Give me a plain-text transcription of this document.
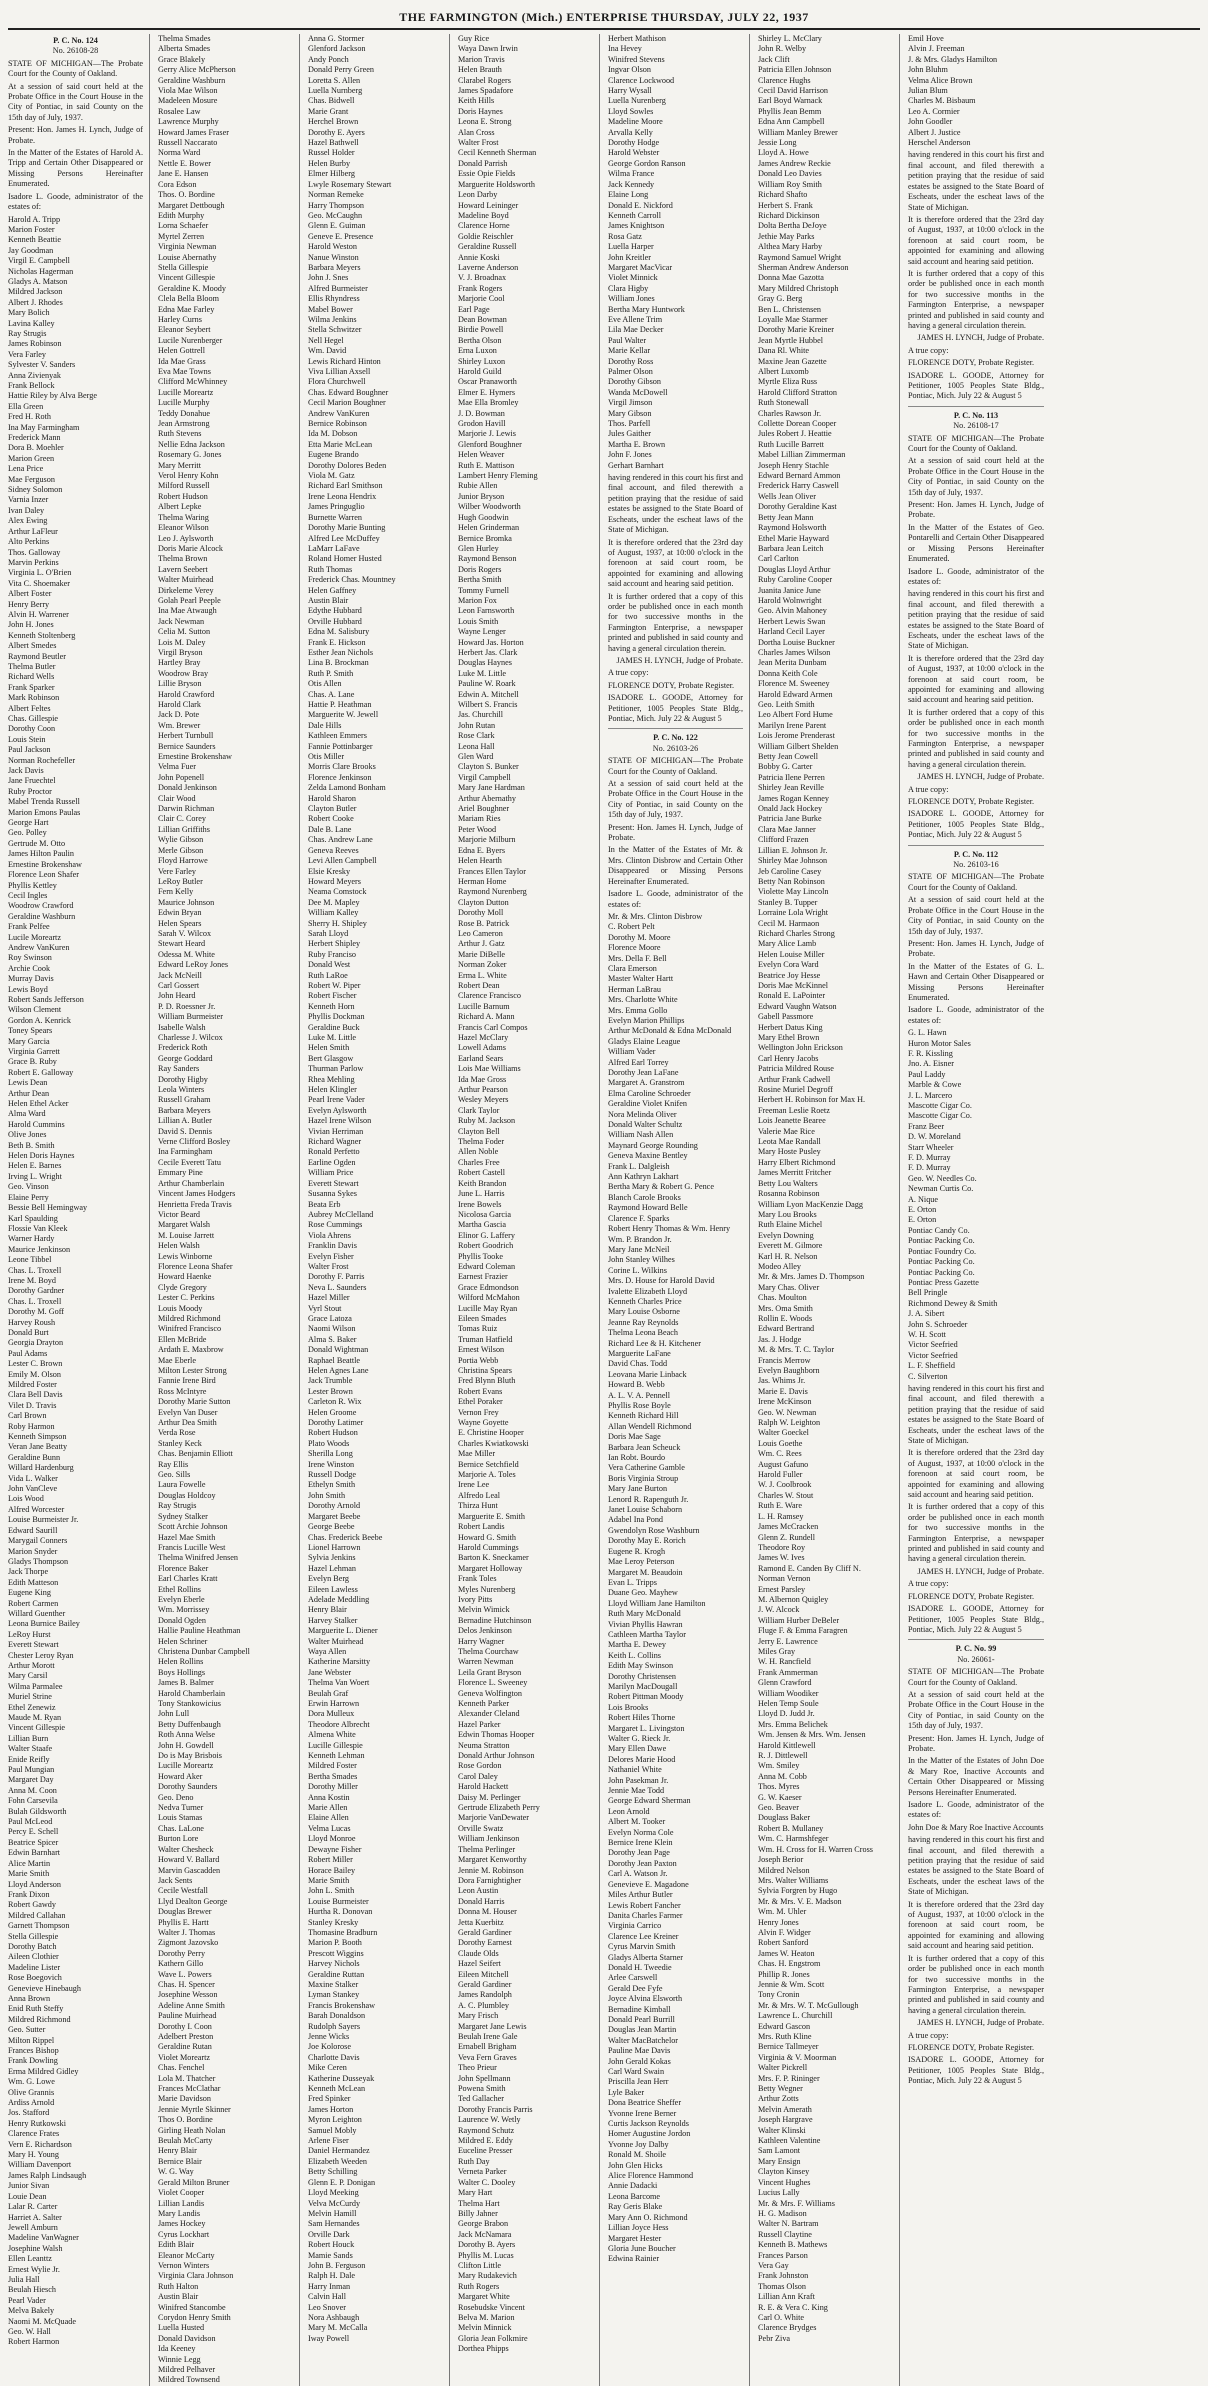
THE FARMINGTON (Mich.) ENTERPRISE THURSDAY, JULY 22, 1937
P. C. No. 124
No. 26108-28
STATE OF MICHIGAN—The Probate Court for the County of Oakland.
At a session of said court held at the Probate Office in the Court House in the City of Pontiac, in said County on the 15th day of July, 1937.
Present: Hon. James H. Lynch, Judge of Probate.
In the Matter of the Estates of Harold A. Tripp and Certain Other Disappeared or Missing Persons Hereinafter Enumerated.
Isadore L. Goode, administrator of the estates of:
Harold A. Tripp
Marion Foster
Kenneth Beattie
Jay Goodman
Virgil E. Campbell
Nicholas Hagerman
Gladys A. Matson
Mildred Jackson
Albert J. Rhodes
Mary Bolich
Lavina Kalley
Ray Strugis
James Robinson
Vera Farley
Sylvester V. Sanders
Anna Zivienyak
Frank Bellock
Hattie Riley by Alva Berge
Ella Green
Fred H. Roth
Ina May Farmingham
Frederick Mann
Dora B. Moehler
Marion Green
Lena Price
Mae Ferguson
Sidney Solomon
Varnia Inzer
Ivan Daley
Alex Ewing
Arthur LaFleur
Alto Perkins
Thos. Galloway
Marvin Perkins
Virginia L. O'Brien
Vita C. Shoemaker
Albert Foster
Henry Berry
Alvin H. Warrener
John H. Jones
Kenneth Stoltenberg
Albert Smedes
Raymond Beutler
Thelma Butler
Richard Wells
Frank Sparker
Mark Robinson
Albert Feltes
Chas. Gillespie
Dorothy Coon
Louis Stein
Paul Jackson
Norman Rochefeller
Jack Davis
Jane Fruechtel
Ruby Proctor
Mabel Trenda Russell
Marion Emons Paulas
George Hart
Geo. Polley
Gertrude M. Otto
James Hilton Paulin
Ernestine Brokenshaw
Florence Leon Shafer
Phyllis Kettley
Cecil Ingles
Woodrow Crawford
Geraldine Washburn
Frank Pelfee
Lucile Moreartz
Andrew VanKuren
Roy Swinson
Archie Cook
Murray Davis
Lewis Boyd
Robert Sands Jefferson
Wilson Clement
Gordon A. Kenrick
Toney Spears
Mary Garcia
Virginia Garrett
Grace B. Ruby
Robert E. Galloway
Lewis Dean
Arthur Dean
Helen Ethel Acker
Alma Ward
Harold Cummins
Olive Jones
Beth B. Smith
Helen Doris Haynes
Helen E. Barnes
Irving L. Wright
Geo. Vinson
Elaine Perry
Bessie Bell Hemingway
Karl Spaulding
Flossie Van Kleek
Warner Hardy
Maurice Jenkinson
Leone Tibbel
Chas. L. Troxell
Irene M. Boyd
Dorothy Gardner
Chas. L. Troxell
Dorothy M. Goff
Harvey Roush
Donald Burt
Georgia Drayton
Paul Adams
Lester C. Brown
Emily M. Olson
Mildred Foster
Clara Bell Davis
Vilet D. Travis
Carl Brown
Roby Harmon
Kenneth Simpson
Veran Jane Beatty
Geraldine Bunn
Willard Hardenburg
Vida L. Walker
John VanCleve
Lois Wood
Alfred Worcester
Louise Burmeister Jr.
Edward Saurill
Marygail Conners
Marion Snyder
Gladys Thompson
Jack Thorpe
Edith Matteson
Eugene King
Robert Carmen
Willard Guenther
Leona Burnice Bailey
LeRoy Hurst
Everett Stewart
Chester Leroy Ryan
Arthur Morott
Mary Carsil
Wilma Parmalee
Muriel Strine
Ethel Zenewiz
Maude M. Ryan
Vincent Gillespie
Lillian Burn
Walter Staafe
Enide Reifly
Paul Mungian
Margaret Day
Anna M. Coon
Fohn Carsevila
Bulah Gildsworth
Paul McLeod
Percy E. Schell
Beatrice Spicer
Edwin Barnhart
Alice Martin
Marie Smith
Lloyd Anderson
Frank Dixon
Robert Gawdy
Mildred Callahan
Garnett Thompson
Stella Gillespie
Dorothy Batch
Aileen Clothier
Madeline Lister
Rose Boegovich
Genevieve Hinebaugh
Anna Brown
Enid Ruth Steffy
Mildred Richmond
Geo. Sutter
Milton Rippel
Frances Bishop
Frank Dowling
Erma Mildred Gidley
Wm. G. Lowe
Olive Grannis
Ardiss Arnold
Jos. Stafford
Henry Rutkowski
Clarence Frates
Vern E. Richardson
Mary H. Young
William Davenport
James Ralph Lindsaugh
Junior Sivan
Louie Dean
Lalar R. Carter
Harriet A. Salter
Jewell Amburn
Madeline VanWagner
Josephine Walsh
Ellen Leanttz
Ernest Wylie Jr.
Julia Hall
Beulah Hiesch
Pearl Vader
Melva Bakely
Naomi M. McQuade
Geo. W. Hall
Robert Harmon
Thelma Smades
Alberta Smades
Grace Blakely
Gerry Alice McPherson
Geraldine Washburn
Viola Mae Wilson
Madeleen Mosure
Rosalee Law
Lawrence Murphy
Howard James Fraser
Russell Naccarato
Norma Ward
Nettle E. Bower
Jane E. Hansen
Cora Edson
Thos. O. Bordine
Margaret Dettbough
Edith Murphy
Lorna Schaefer
Myrtel Zerren
Virginia Newman
Louise Abernathy
Stella Gillespie
Vincent Gillespie
Geraldine K. Moody
Clela Bella Bloom
Edna Mae Farley
Harley Curns
Eleanor Seybert
Lucile Nurenberger
Helen Gottrell
Ida Mae Grass
Eva Mae Towns
Clifford McWhinney
Lucille Moreartz
Lucille Murphy
Teddy Donahue
Jean Armstrong
Ruth Stevens
Nellie Edna Jackson
Rosemary G. Jones
Mary Merritt
Verol Henry Kohn
Milford Russell
Robert Hudson
Albert Lepke
Thelma Waring
Eleanor Wilson
Leo J. Aylsworth
Doris Marie Alcock
Thelma Brown
Lavern Seebert
Walter Muirhead
Dirkeleme Verey
Golah Pearl Peeple
Ina Mae Atwaugh
Jack Newman
Celia M. Sutton
Lois M. Daley
Virgil Bryson
Hartley Bray
Woodrow Bray
Lillie Bryson
Harold Crawford
Harold Clark
Jack D. Pote
Wm. Brewer
Herbert Turnbull
Bernice Saunders
Ernestine Brokenshaw
Velma Fuer
John Popenell
Donald Jenkinson
Clair Wood
Darwin Richman
Clair C. Corey
Lillian Griffiths
Wylie Gibson
Merle Gibson
Floyd Harrowe
Vere Farley
LeRoy Butler
Fern Kelly
Maurice Johnson
Edwin Bryan
Helen Spears
Sarah V. Wilcox
Stewart Heard
Odessa M. White
Edward LeRoy Jones
Jack McNeill
Carl Gossert
John Heard
P. D. Roessner Jr.
William Burmeister
Isabelle Walsh
Charlesse J. Wilcox
Frederick Roth
George Goddard
Ray Sanders
Dorothy Higby
Leola Winters
Russell Graham
Barbara Meyers
Lillian A. Butler
David S. Dennis
Verne Clifford Bosley
Ina Farmingham
Cecile Everett Tatu
Emmary Pine
Arthur Chamberlain
Vincent James Hodgers
Henrietta Freda Travis
Victor Beard
Margaret Walsh
M. Louise Jarrett
Helen Walsh
Lewis Winborne
Florence Leona Shafer
Howard Haenke
Clyde Gregory
Lester C. Perkins
Louis Moody
Mildred Richmond
Winifred Francisco
Ellen McBride
Ardath E. Maxbrow
Mae Eberle
Milton Lester Strong
Fannie Irene Bird
Ross McIntyre
Dorothy Marie Sutton
Evelyn Van Duser
Arthur Dea Smith
Verda Rose
Stanley Keck
Chas. Benjamin Elliott
Ray Ellis
Geo. Sills
Laura Fowelle
Douglas Holdcoy
Ray Strugis
Sydney Stalker
Scott Archie Johnson
Hazel Mae Smith
Francis Lucille West
Thelma Winifred Jensen
Florence Baker
Earl Charles Kratt
Ethel Rollins
Evelyn Eberle
Wm. Morrissey
Donald Ogden
Hallie Pauline Heathman
Helen Schriner
Christena Dunbar Campbell
Helen Rollins
Boys Hollings
James B. Balmer
Harold Chamberlain
Tony Stankowicius
John Lull
Betty Duffenbaugh
Roth Anna Welse
John H. Gowdell
Do is May Brisbois
Lucille Moreartz
Howard Aker
Dorothy Saunders
Geo. Deno
Nedva Turner
Louis Stamas
Chas. LaLone
Burton Lore
Walter Chesheck
Howard V. Ballard
Marvin Gascadden
Jack Sents
Cecile Westfall
Llyd Dealton George
Douglas Brewer
Phyllis E. Hartt
Walter J. Thomas
Zigmont Jazovsko
Dorothy Perry
Kathern Gillo
Wave L. Powers
Chas. H. Spencer
Josephine Wesson
Adeline Anne Smith
Pauline Muirhead
Dorothy I. Coon
Adelbert Preston
Geraldine Rutan
Violet Moreartz
Chas. Fenchel
Lola M. Thatcher
Frances McClathar
Marie Davidson
Jennie Myrtle Skinner
Thos O. Bordine
Girling Heath Nolan
Beulah McCarty
Henry Blair
Bernice Blair
W. G. Way
Gerald Milton Bruner
Violet Cooper
Lillian Landis
Mary Landis
James Hockey
Cyrus Lockhart
Edith Blair
Eleanor McCarty
Vernon Winters
Virginia Clara Johnson
Ruth Halton
Austin Blair
Winifred Stancombe
Corydon Henry Smith
Luella Husted
Donald Davidson
Ida Keeney
Winnie Legg
Mildred Pelhaver
Mildred Townsend
Anna G. Stormer
Glenford Jackson
Andy Ponch
Donald Perry Green
Loretta S. Allen
Luella Nurnberg
Chas. Bidwell
Marie Grant
Herchel Brown
Dorothy E. Ayers
Hazel Bathwell
Russel Holder
Helen Burby
Elmer Hilberg
Lwyle Rosemary Stewart
Norman Remeke
Harry Thompson
Geo. McCaughn
Glenn E. Guiman
Geneve E. Presence
Harold Weston
Nanue Winston
Barbara Meyers
John J. Snes
Alfred Burmeister
Ellis Rhyndress
Mabel Bower
Wilma Jenkins
Stella Schwitzer
Nell Hegel
Wm. David
Lewis Richard Hinton
Viva Lillian Axsell
Flora Churchwell
Chas. Edward Boughner
Cecil Marion Boughner
Andrew VanKuren
Bernice Robinson
Ida M. Dobson
Etta Marie McLean
Eugene Brando
Dorothy Dolores Beden
Viola M. Gatz
Richard Earl Smithson
Irene Leona Hendrix
James Pringuglio
Burnette Warren
Dorothy Marie Bunting
Alfred Lee McDuffey
LaMarr LaFave
Roland Homer Husted
Ruth Thomas
Frederick Chas. Mountney
Helen Gaffney
Austin Blair
Edythe Hubbard
Orville Hubbard
Edna M. Salisbury
Frank E. Hickson
Esther Jean Nichols
Lina B. Brockman
Ruth P. Smith
Otis Allen
Chas. A. Lane
Hattie P. Heathman
Marguerite W. Jewell
Dale Hills
Kathleen Emmers
Fannie Pottinbarger
Otis Miller
Morris Clare Brooks
Florence Jenkinson
Zelda Lamond Bonham
Harold Sharon
Clayton Butler
Robert Cooke
Dale B. Lane
Chas. Andrew Lane
Geneva Reeves
Levi Allen Campbell
Elsie Kresky
Howard Meyers
Neama Comstock
Dee M. Mapley
William Kalley
Sherry H. Shipley
Sarah Lloyd
Herbert Shipley
Ruby Franciso
Donald West
Ruth LaRoe
Robert W. Piper
Robert Fischer
Kenneth Horn
Phyllis Dockman
Geraldine Buck
Luke M. Little
Helen Smith
Bert Glasgow
Thurman Parlow
Rhea Mehling
Helen Klingler
Pearl Irene Vader
Evelyn Aylsworth
Hazel Irene Wilson
Vivian Herriman
Richard Wagner
Ronald Perfetto
Earline Ogden
William Price
Everett Stewart
Susanna Sykes
Beata Erb
Aubrey McClelland
Rose Cummings
Viola Ahrens
Franklin Davis
Evelyn Fisher
Walter Frost
Dorothy F. Parris
Neva L. Saunders
Hazel Miller
Vyrl Stout
Grace Latoza
Naomi Wilson
Alma S. Baker
Donald Wightman
Raphael Beattle
Helen Agnes Lane
Jack Trumble
Lester Brown
Carleton R. Wix
Helen Groome
Dorothy Latimer
Robert Hudson
Plato Woods
Sherilla Long
Irene Winston
Russell Dodge
Ethelyn Smith
John Smith
Dorothy Arnold
Margaret Beebe
George Beebe
Chas. Frederick Beebe
Lionel Harrown
Sylvia Jenkins
Hazel Lehman
Evelyn Berg
Eileen Lawless
Adelade Meddling
Henry Blair
Harvey Stalker
Marguerite L. Diener
Walter Muirhead
Waya Allen
Katherine Marsitty
Jane Webster
Thelma Van Woert
Beulah Graf
Erwin Harrown
Dora Mulleux
Theodore Albrecht
Almena White
Lucille Gillespie
Kenneth Lehman
Mildred Foster
Bertha Smades
Dorothy Miller
Anna Kostin
Marie Allen
Elaine Allen
Velma Lucas
Lloyd Monroe
Dewayne Fisher
Robert Miller
Horace Bailey
Marie Smith
John L. Smith
Louise Burmeister
Hurtha R. Donovan
Stanley Kresky
Thomasine Bradburn
Marion P. Booth
Prescott Wiggins
Harvey Nichols
Geraldine Ruttan
Maxine Stalker
Lyman Stankey
Francis Brokenshaw
Barah Donaldson
Rudolph Sayers
Jenne Wicks
Joe Kolorose
Charlotte Davis
Mike Ceren
Katherine Dusseyak
Kenneth McLean
Fred Spinker
James Horton
Myron Leighton
Samuel Mobly
Arlene Fiser
Daniel Hermandez
Elizabeth Weeden
Betty Schilling
Glenn E. P. Donigan
Lloyd Meeking
Velva McCurdy
Melvin Hamill
Sam Hernandes
Orville Dark
Robert Houck
Mamie Sands
John B. Ferguson
Ralph H. Dale
Harry Inman
Calvin Hall
Leo Snover
Nora Ashbaugh
Mary M. McCalla
Iway Powell
Guy Rice
Waya Dawn Irwin
Marion Travis
Helen Brauth
Clarabel Rogers
James Spadafore
Keith Hills
Doris Haynes
Leona E. Strong
Alan Cross
Walter Frost
Cecil Kenneth Sherman
Donald Parrish
Essie Opie Fields
Marguerite Holdsworth
Leon Darby
Howard Leininger
Madeline Boyd
Clarence Horne
Goldie Reischler
Geraldine Russell
Annie Koski
Laverne Anderson
V. J. Broadnax
Frank Rogers
Marjorie Cool
Earl Page
Dean Bowman
Birdie Powell
Bertha Olson
Erna Luxon
Shirley Luxon
Harold Guild
Oscar Pranaworth
Elmer E. Hymers
Mae Ella Bromley
J. D. Bowman
Grodon Havill
Marjorie J. Lewis
Glenford Boughner
Helen Weaver
Ruth E. Mattison
Lambert Henry Fleming
Rubie Allen
Junior Bryson
Wilber Woodworth
Hugh Goodwin
Helen Grinderman
Bernice Bromka
Glen Hurley
Raymond Benson
Doris Rogers
Bertha Smith
Tommy Furnell
Marion Fox
Leon Farnsworth
Louis Smith
Wayne Lenger
Howard Jas. Horton
Herbert Jas. Clark
Douglas Haynes
Luke M. Little
Pauline W. Roark
Edwin A. Mitchell
Wilbert S. Francis
Jas. Churchill
John Rutan
Rose Clark
Leona Hall
Glen Ward
Clayton S. Bunker
Virgil Campbell
Mary Jane Hardman
Arthur Abernathy
Ariel Boughner
Mariam Ries
Peter Wood
Marjorie Milburn
Edna E. Byers
Helen Hearth
Frances Ellen Taylor
Herman Home
Raymond Nurenberg
Clayton Dutton
Dorothy Moll
Rose B. Patrick
Leo Cameron
Arthur J. Gatz
Marie DiBelle
Norman Zoker
Erma L. White
Robert Dean
Clarence Francisco
Lucille Barnum
Richard A. Mann
Francis Carl Compos
Hazel McClary
Lowell Adams
Earland Sears
Lois Mae Williams
Ida Mae Gross
Arthur Pearson
Wesley Meyers
Clark Taylor
Ruby M. Jackson
Clayton Bell
Thelma Foder
Allen Noble
Charles Free
Robert Castell
Keith Brandon
June L. Harris
Irene Bowels
Nicolosa Garcia
Martha Gascia
Elinor G. Laffery
Robert Goodrich
Phyllis Tooke
Edward Coleman
Earnest Frazier
Grace Edmondson
Wilford McMahon
Lucille May Ryan
Eileen Smades
Tomas Ruiz
Truman Hatfield
Ernest Wilson
Portia Webb
Christina Spears
Fred Blynn Bluth
Robert Evans
Ethel Poraker
Vernon Frey
Wayne Goyette
E. Christine Hooper
Charles Kwiatkowski
Mae Miller
Bernice Setchfield
Marjorie A. Toles
Irene Lee
Alfredo Leal
Thirza Hunt
Marguerite E. Smith
Robert Landis
Howard G. Smith
Harold Cummings
Barton K. Sneckamer
Margaret Holloway
Frank Toles
Myles Nurenberg
Ivory Pitts
Melvin Wimick
Bernadine Hutchinson
Delos Jenkinson
Harry Wagner
Thelma Courchaw
Warren Newman
Leila Grant Bryson
Florence L. Sweeney
Geneva Wolfington
Kenneth Parker
Alexander Cleland
Hazel Parker
Edwin Thomas Hooper
Neuma Stratton
Donald Arthur Johnson
Rose Gordon
Carol Daley
Harold Hackett
Daisy M. Perlinger
Gertrude Elizabeth Perry
Marjorie VanDewater
Orville Swatz
William Jenkinson
Thelma Perlinger
Margaret Kenworthy
Jennie M. Robinson
Dora Farnightigher
Leon Austin
Donald Harris
Donna M. Houser
Jetta Kuerbitz
Gerald Gardiner
Dorothy Earnest
Claude Olds
Hazel Seifert
Eileen Mitchell
Gerald Gardiner
James Randolph
A. C. Plumbley
Mary Frisch
Margaret Jane Lewis
Beulah Irene Gale
Ernabell Brigham
Veva Fern Graves
Theo Prieur
John Spellmann
Powena Smith
Ted Gallacher
Dorothy Francis Parris
Laurence W. Wetly
Raymond Schutz
Mildred E. Eddy
Euceline Presser
Ruth Day
Verneta Parker
Walter C. Dooley
Mary Hart
Thelma Hart
Billy Jahner
George Brabon
Jack McNamara
Dorothy B. Ayers
Phyllis M. Lucas
Clifton Little
Mary Rudakevich
Ruth Rogers
Margaret White
Rosebudske Vincent
Belva M. Marion
Melvin Minnick
Gloria Jean Folkmire
Dorthea Phipps
Herbert Mathison
Ina Hevey
Winifred Stevens
Ingvar Olson
Clarence Lockwood
Harry Wysall
Luella Nurenberg
Lloyd Sowles
Madeline Moore
Arvalla Kelly
Dorothy Hodge
Harold Webster
George Gordon Ranson
Wilma France
Jack Kennedy
Elaine Long
Donald E. Nickford
Kenneth Carroll
James Knightson
Rosa Gatz
Luella Harper
John Kreitler
Margaret MacVicar
Violet Minnick
Clara Higby
William Jones
Bertha Mary Huntwork
Eve Allene Trim
Lila Mae Decker
Paul Walter
Marie Kellar
Dorothy Ross
Palmer Olson
Dorothy Gibson
Wanda McDowell
Virgil Jimson
Mary Gibson
Thos. Parfell
Jules Gaither
Martha E. Brown
John F. Jones
Gerhart Barnhart
having rendered in this court his first and final account, and filed therewith a petition praying that the residue of said estates be assigned to the State Board of Escheats, under the escheat laws of the State of Michigan.
It is therefore ordered that the 23rd day of August, 1937, at 10:00 o'clock in the forenoon at said court room, be appointed for examining and allowing said account and hearing said petition.
It is further ordered that a copy of this order be published once in each month for two successive months in the Farmington Enterprise, a newspaper printed and published in said county and having a general circulation therein.
JAMES H. LYNCH, Judge of Probate.
A true copy:
FLORENCE DOTY, Probate Register.
ISADORE L. GOODE, Attorney for Petitioner, 1005 Peoples State Bldg., Pontiac, Mich. July 22 & August 5
P. C. No. 122
No. 26103-26
STATE OF MICHIGAN—The Probate Court for the County of Oakland.
At a session of said court held at the Probate Office in the Court House in the City of Pontiac, in said County on the 15th day of July, 1937.
Present: Hon. James H. Lynch, Judge of Probate.
In the Matter of the Estates of Mr. & Mrs. Clinton Disbrow and Certain Other Disappeared or Missing Persons Hereinafter Enumerated.
Isadore L. Goode, administrator of the estates of:
Mr. & Mrs. Clinton Disbrow
C. Robert Pelt
Dorothy M. Moore
Florence Moore
Mrs. Della F. Bell
Clara Emerson
Master Walter Hartt
Herman LaBrau
Mrs. Charlotte White
Mrs. Emma Gollo
Evelyn Marion Phillips
Arthur McDonald & Edna McDonald
Gladys Elaine League
William Vader
Alfred Earl Torrey
Dorothy Jean LaFane
Margaret A. Granstrom
Elma Caroline Schroeder
Geraldine Violet Knifen
Nora Melinda Oliver
Donald Walter Schultz
William Nash Allen
Maynard George Rounding
Geneva Maxine Bentley
Frank L. Dalgleish
Ann Kathryn Lakhart
Bertha Mary & Robert G. Pence
Blanch Carole Brooks
Raymond Howard Belle
Clarence F. Sparks
Robert Henry Thomas & Wm. Henry
Wm. P. Brandon Jr.
Mary Jane McNeil
John Stanley Wilhes
Corine L. Wilkins
Mrs. D. House for Harold David
Ivalette Elizabeth Lloyd
Kenneth Charles Price
Mary Louise Osborne
Jeanne Ray Reynolds
Thelma Leona Beach
Richard Lee & H. Kitchener
Marguerite LaFane
David Chas. Todd
Leovana Marie Linback
Howard B. Webb
A. L. V. A. Pennell
Phyllis Rose Boyle
Kenneth Richard Hill
Allan Wendell Richmond
Doris Mae Sage
Barbara Jean Scheuck
Ian Robt. Bourdo
Vera Catherine Gamble
Boris Virginia Stroup
Mary Jane Burton
Lenord R. Rapenguth Jr.
Janet Louise Schaborn
Adabel Ina Pond
Gwendolyn Rose Washburn
Dorothy May E. Rorich
Eugene R. Krogh
Mae Leroy Peterson
Margaret M. Beaudoin
Evan L. Tripps
Duane Geo. Mayhew
Lloyd William Jane Hamilton
Ruth Mary McDonald
Vivian Phyllis Hawran
Cathleen Martha Taylor
Martha E. Dewey
Keith L. Collins
Edith May Swinson
Dorothy Christensen
Marilyn MacDougall
Robert Pittman Moody
Lois Brooks
Robert Hiles Thorne
Margaret L. Livingston
Walter G. Rieck Jr.
Mary Ellen Dawe
Delores Marie Hood
Nathaniel White
John Pasekman Jr.
Jennie Mae Todd
George Edward Sherman
Leon Arnold
Albert M. Tooker
Evelyn Norma Cole
Bernice Irene Klein
Dorothy Jean Page
Dorothy Jean Paxton
Carl A. Watson Jr.
Genevieve E. Magadone
Miles Arthur Butler
Lewis Robert Fancher
Danita Charles Farmer
Virginia Carrico
Clarence Lee Kreiner
Cyrus Marvin Smith
Gladys Alberta Starner
Donald H. Tweedie
Arlee Carswell
Gerald Dee Fyfe
Joyce Alvina Elsworth
Bernadine Kimball
Donald Pearl Burrill
Douglas Jean Martin
Walter MacBatchelor
Pauline Mae Davis
John Gerald Kokas
Carl Ward Swain
Priscilla Jean Herr
Lyle Baker
Dona Beatrice Sheffer
Yvonne Irene Berner
Curtis Jackson Reynolds
Homer Augustine Jordon
Yvonne Joy Dalby
Ronald M. Shoile
John Glen Hicks
Alice Florence Hammond
Annie Dadacki
Leona Barcome
Ray Geris Blake
Mary Ann O. Richmond
Lillian Joyce Hess
Margaret Hester
Gloria June Boucher
Edwina Rainier
Shirley L. McClary
John R. Welby
Jack Clift
Patricia Ellen Johnson
Clarence Hughs
Cecil David Harrison
Earl Boyd Warnack
Phyllis Jean Bemm
Edna Ann Campbell
William Manley Brewer
Jessie Long
Lloyd A. Howe
James Andrew Reckie
Donald Leo Davies
William Roy Smith
Richard Shafto
Herbert S. Frank
Richard Dickinson
Dolta Bertha DeJoye
Jethie May Parks
Althea Mary Harby
Raymond Samuel Wright
Sherman Andrew Anderson
Donna Mae Gazotta
Mary Mildred Christoph
Gray G. Berg
Ben L. Christensen
Loyalle Mae Starmer
Dorothy Marie Kreiner
Jean Myrtle Hubbel
Dana Rl. White
Maxine Jean Gazette
Albert Luxomb
Myrtle Eliza Russ
Harold Clifford Stratton
Ruth Stonewall
Charles Rawson Jr.
Collette Dorean Cooper
Jules Robert J. Heattie
Ruth Lucille Barrett
Mabel Lillian Zimmerman
Joseph Henry Stachle
Edward Bernard Ammon
Frederick Harry Caswell
Wells Jean Oliver
Dorothy Geraldine Kast
Betty Jean Mann
Raymond Holsworth
Ethel Marie Hayward
Barbara Jean Leitch
Carl Carlton
Douglas Lloyd Arthur
Ruby Caroline Cooper
Juanita Janice June
Harold Wolnwright
Geo. Alvin Mahoney
Herbert Lewis Swan
Harland Cecil Layer
Dortha Louise Buckner
Charles James Wilson
Jean Merita Dunbam
Donna Keith Cole
Florence M. Sweeney
Harold Edward Armen
Geo. Leith Smith
Leo Albert Ford Hume
Marilyn Irene Parent
Lois Jerome Prenderast
William Gilbert Shelden
Betty Jean Cowell
Bobby G. Carter
Patricia Ilene Perren
Shirley Jean Reville
James Rogan Kenney
Onald Jack Hockey
Patricia Jane Burke
Clara Mae Janner
Clifford Frazen
Lillian E. Johnson Jr.
Shirley Mae Johnson
Jeb Caroline Casey
Betty Nan Robinson
Violette May Lincoln
Stanley B. Tupper
Lorraine Lola Wright
Cecil M. Harmaon
Richard Charles Strong
Mary Alice Lamb
Helen Louise Miller
Evelyn Cora Ward
Beatrice Joy Hesse
Doris Mae McKinnel
Ronald E. LaPointer
Edward Vaughn Watson
Gabell Passmore
Herbert Datus King
Mary Ethel Brown
Wellington John Erickson
Carl Henry Jacobs
Patricia Mildred Rouse
Arthur Frank Cadwell
Rosine Muriel Degroff
Herbert H. Robinson for Max H.
Freeman Leslie Roetz
Lois Jeanette Bearee
Valerie Mae Rice
Leota Mae Randall
Mary Hoste Pusley
Harry Elbert Richmond
James Merritt Fritcher
Betty Lou Walters
Rosanna Robinson
William Lyon MacKenzie Dagg
Mary Lou Brooks
Ruth Elaine Michel
Evelyn Downing
Everett M. Gilmore
Karl H. R. Nelson
Modeo Alley
Mr. & Mrs. James D. Thompson
Mary Chas. Oliver
Chas. Moulton
Mrs. Oma Smith
Rollin E. Woods
Edward Bertrand
Jas. J. Hodge
M. & Mrs. T. C. Taylor
Francis Merrow
Evelyn Baughborn
Jas. Whims Jr.
Marie E. Davis
Irene McKinson
Geo. W. Newman
Ralph W. Leighton
Walter Goeckel
Louis Goethe
Wm. C. Rees
August Gafuno
Harold Fuller
W. J. Coolbrook
Charles W. Stout
Ruth E. Ware
L. H. Ramsey
James McCracken
Glenn Z. Rundell
Theodore Roy
James W. Ives
Ramond E. Canden By Cliff N.
Norman Vernon
Ernest Parsley
M. Albernon Quigley
J. W. Alcock
William Hurber DeBeler
Fluge F. & Emma Faragren
Jerry E. Lawrence
Miles Gray
W. H. Rancfield
Frank Ammerman
Glenn Crawford
William Woodiker
Helen Temp Soule
Lloyd D. Judd Jr.
Mrs. Emma Belichek
Wm. Jensen & Mrs. Wm. Jensen
Harold Kittlewell
R. J. Dittlewell
Wm. Smiley
Anna M. Cobb
Thos. Myres
G. W. Kaeser
Geo. Beaver
Douglass Baker
Robert B. Mullaney
Wm. C. Harmshfeger
Wm. H. Cross for H. Warren Cross
Joseph Berior
Mildred Nelson
Mrs. Walter Williams
Sylvia Forgren by Hugo
Mr. & Mrs. V. E. Madson
Wm. M. Uhler
Henry Jones
Alvin F. Widger
Robert Sanford
James W. Heaton
Chas. H. Engstrom
Phillip R. Jones
Jennie & Wm. Scott
Tony Cronin
Mr. & Mrs. W. T. McGullough
Lawrence L. Churchill
Edward Gascon
Mrs. Ruth Kline
Bernice Tallmeyer
Virginia & V. Moorman
Walter Pickrell
Mrs. F. P. Rininger
Betty Wegner
Arthur Zotts
Melvin Amerath
Joseph Hargrave
Walter Klinski
Kathleen Valentine
Sam Lamont
Mary Ensign
Clayton Kinsey
Vincent Hughes
Lucius Lally
Mr. & Mrs. F. Williams
H. G. Madison
Walter N. Bartram
Russell Claytine
Kenneth B. Mathews
Frances Parson
Vera Gay
Frank Johnston
Thomas Olson
Lillian Ann Kraft
R. E. & Vera C. King
Carl O. White
Clarence Brydges
Pebr Ziva
Emil Hove
Alvin J. Freeman
J. & Mrs. Gladys Hamilton
John Bluhm
Velma Alice Brown
Julian Blum
Charles M. Bisbaum
Leo A. Cormier
John Goodler
Albert J. Justice
Herschel Anderson
having rendered in this court his first and final account, and filed therewith a petition praying that the residue of said estates be assigned to the State Board of Escheats, under the escheat laws of the State of Michigan.
It is therefore ordered that the 23rd day of August, 1937, at 10:00 o'clock in the forenoon at said court room, be appointed for examining and allowing said account and hearing said petition.
It is further ordered that a copy of this order be published once in each month for two successive months in the Farmington Enterprise, a newspaper printed and published in said county and having a general circulation therein.
JAMES H. LYNCH, Judge of Probate.
A true copy:
FLORENCE DOTY, Probate Register.
ISADORE L. GOODE, Attorney for Petitioner, 1005 Peoples State Bldg., Pontiac, Mich. July 22 & August 5
P. C. No. 113
No. 26108-17
STATE OF MICHIGAN—The Probate Court for the County of Oakland.
At a session of said court held at the Probate Office in the Court House in the City of Pontiac, in said County on the 15th day of July, 1937.
Present: Hon. James H. Lynch, Judge of Probate.
In the Matter of the Estates of Geo. Pontarelli and Certain Other Disappeared or Missing Persons Hereinafter Enumerated.
Isadore L. Goode, administrator of the estates of:
having rendered in this court his first and final account, and filed therewith a petition praying that the residue of said estates be assigned to the State Board of Escheats, under the escheat laws of the State of Michigan.
It is therefore ordered that the 23rd day of August, 1937, at 10:00 o'clock in the forenoon at said court room, be appointed for examining and allowing said account and hearing said petition.
It is further ordered that a copy of this order be published once in each month for two successive months in the Farmington Enterprise, a newspaper printed and published in said county and having a general circulation therein.
JAMES H. LYNCH, Judge of Probate.
A true copy:
FLORENCE DOTY, Probate Register.
ISADORE L. GOODE, Attorney for Petitioner, 1005 Peoples State Bldg., Pontiac, Mich. July 22 & August 5
P. C. No. 112
No. 26103-16
STATE OF MICHIGAN—The Probate Court for the County of Oakland.
At a session of said court held at the Probate Office in the Court House in the City of Pontiac, in said County on the 15th day of July, 1937.
Present: Hon. James H. Lynch, Judge of Probate.
In the Matter of the Estates of G. L. Hawn and Certain Other Disappeared or Missing Persons Hereinafter Enumerated.
Isadore L. Goode, administrator of the estates of:
G. L. Hawn
Huron Motor Sales
F. R. Kissling
Jno. A. Eisner
Paul Laddy
Marble & Cowe
J. L. Marcero
Mascotte Cigar Co.
Mascotte Cigar Co.
Franz Beer
D. W. Moreland
Starr Wheeler
F. D. Murray
F. D. Murray
Geo. W. Needles Co.
Newman Curtis Co.
A. Nique
E. Orton
E. Orton
Pontiac Candy Co.
Pontiac Packing Co.
Pontiac Foundry Co.
Pontiac Packing Co.
Pontiac Packing Co.
Pontiac Press Gazette
Bell Pringle
Richmond Dewey & Smith
J. A. Sibert
John S. Schroeder
W. H. Scott
Victor Seefried
Victor Seefried
L. F. Sheffield
C. Silverton
having rendered in this court his first and final account, and filed therewith a petition praying that the residue of said estates be assigned to the State Board of Escheats, under the escheat laws of the State of Michigan.
It is therefore ordered that the 23rd day of August, 1937, at 10:00 o'clock in the forenoon at said court room, be appointed for examining and allowing said account and hearing said petition.
It is further ordered that a copy of this order be published once in each month for two successive months in the Farmington Enterprise, a newspaper printed and published in said county and having a general circulation therein.
JAMES H. LYNCH, Judge of Probate.
A true copy:
FLORENCE DOTY, Probate Register.
ISADORE L. GOODE, Attorney for Petitioner, 1005 Peoples State Bldg., Pontiac, Mich. July 22 & August 5
P. C. No. 99
No. 26061-
STATE OF MICHIGAN—The Probate Court for the County of Oakland.
At a session of said court held at the Probate Office in the Court House in the City of Pontiac, in said County on the 15th day of July, 1937.
Present: Hon. James H. Lynch, Judge of Probate.
In the Matter of the Estates of John Doe & Mary Roe, Inactive Accounts and Certain Other Disappeared or Missing Persons Hereinafter Enumerated.
Isadore L. Goode, administrator of the estates of:
John Doe & Mary Roe Inactive Accounts
having rendered in this court his first and final account, and filed therewith a petition praying that the residue of said estates be assigned to the State Board of Escheats, under the escheat laws of the State of Michigan.
It is therefore ordered that the 23rd day of August, 1937, at 10:00 o'clock in the forenoon at said court room, be appointed for examining and allowing said account and hearing said petition.
It is further ordered that a copy of this order be published once in each month for two successive months in the Farmington Enterprise, a newspaper printed and published in said county and having a general circulation therein.
JAMES H. LYNCH, Judge of Probate.
A true copy:
FLORENCE DOTY, Probate Register.
ISADORE L. GOODE, Attorney for Petitioner, 1005 Peoples State Bldg., Pontiac, Mich. July 22 & August 5
